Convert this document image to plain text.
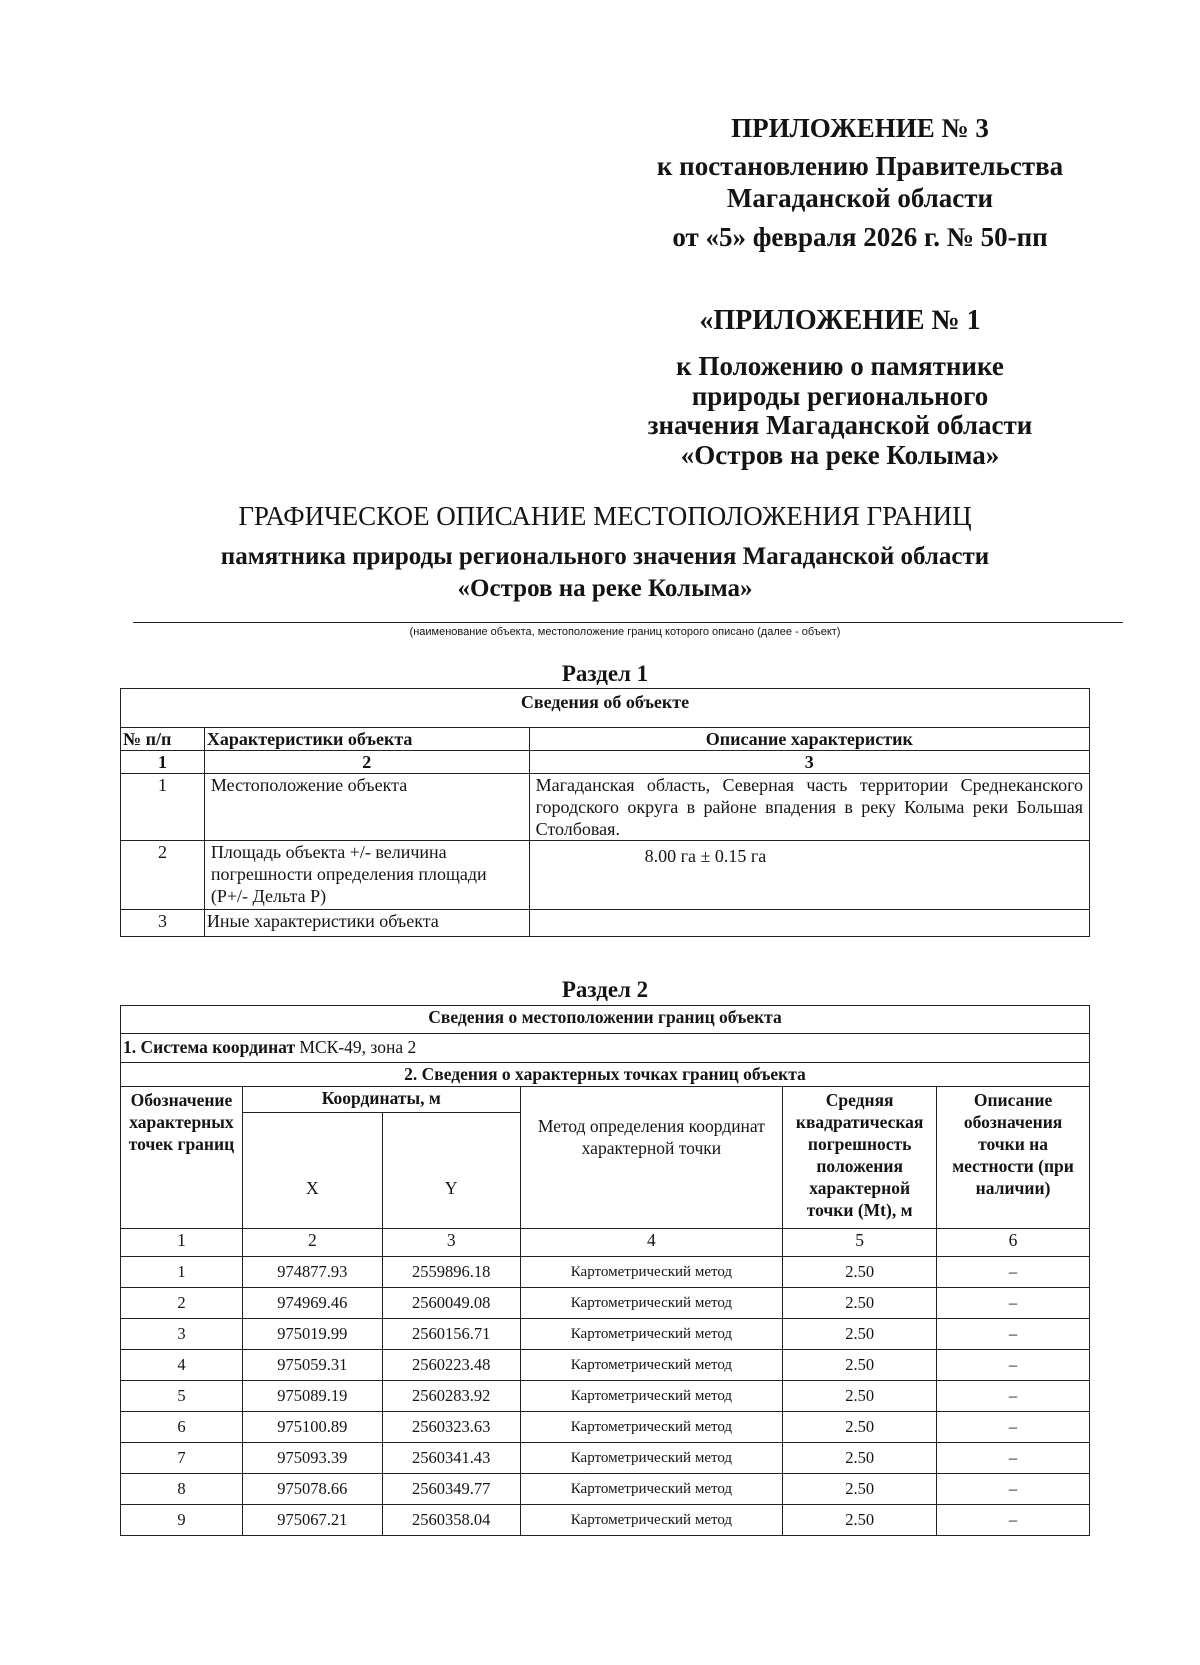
ПРИЛОЖЕНИЕ № 3
к постановлению Правительства
Магаданской области
от «5» февраля 2026 г. № 50-пп
«ПРИЛОЖЕНИЕ № 1
к Положению о памятнике
природы регионального
значения Магаданской области
«Остров на реке Колыма»
ГРАФИЧЕСКОЕ ОПИСАНИЕ МЕСТОПОЛОЖЕНИЯ ГРАНИЦ
памятника природы регионального значения Магаданской области
«Остров на реке Колыма»
(наименование объекта, местоположение границ которого описано (далее - объект)
Раздел 1
Сведения об объекте		
№ п/п	Характеристики объекта	Описание характеристик
1	2	3
1	Местоположение объекта	Магаданская область, Северная часть территории Среднеканского городского округа в районе впадения в реку Колыма реки Большая Столбовая.
2	Площадь объекта +/- величина погрешности определения площади (Р+/- Дельта Р)	8.00 га ± 0.15 га
3	Иные характеристики объекта	
Раздел 2
Сведения о местоположении границ объекта					
1. Система координат МСК-49, зона 2					
2. Сведения о характерных точках границ объекта					
Обозначение характерных точек границ	Координаты, м		Метод определения координат характерной точки	Средняя квадратическая погрешность положения характерной точки (Mt), м	Описание обозначения точки на местности (при наличии)
	X	Y			
1	2	3	4	5	6
1	974877.93	2559896.18	Картометрический метод	2.50	–
2	974969.46	2560049.08	Картометрический метод	2.50	–
3	975019.99	2560156.71	Картометрический метод	2.50	–
4	975059.31	2560223.48	Картометрический метод	2.50	–
5	975089.19	2560283.92	Картометрический метод	2.50	–
6	975100.89	2560323.63	Картометрический метод	2.50	–
7	975093.39	2560341.43	Картометрический метод	2.50	–
8	975078.66	2560349.77	Картометрический метод	2.50	–
9	975067.21	2560358.04	Картометрический метод	2.50	–
